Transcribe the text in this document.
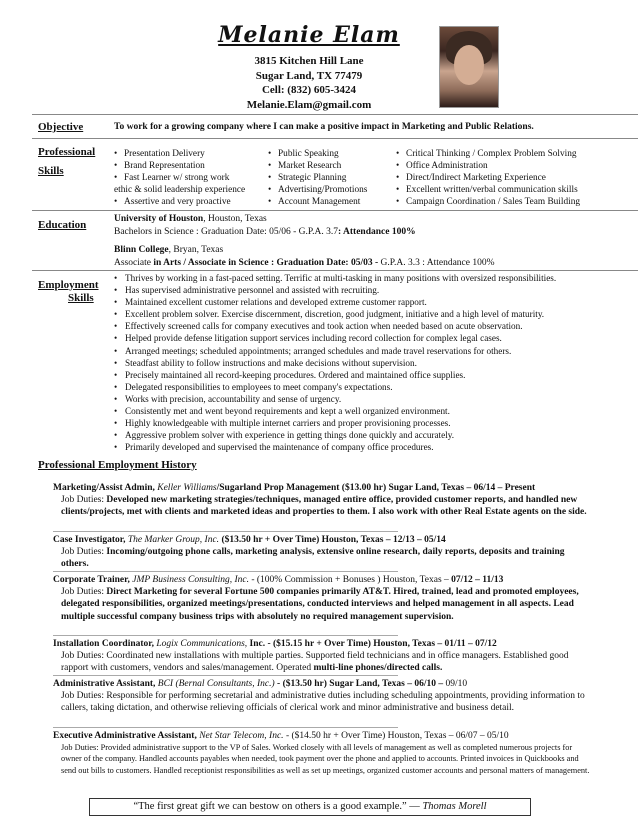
Melanie Elam
3815 Kitchen Hill Lane
Sugar Land, TX 77479
Cell: (832) 605-3424
Melanie.Elam@gmail.com
Objective	To work for a growing company where I can make a positive impact in Marketing and Public Relations.
Professional
Skills
• Presentation Delivery
• Brand Representation
• Fast Learner w/ strong work
ethic & solid leadership experience
• Assertive and very proactive
• Public Speaking
• Market Research
• Strategic Planning
• Advertising/Promotions
• Account Management
• Critical Thinking / Complex Problem Solving
• Office Administration
• Direct/Indirect Marketing Experience
• Excellent written/verbal communication skills
• Campaign Coordination / Sales Team Building
Education	University of Houston, Houston, Texas
Bachelors in Science : Graduation Date: 05/06 - G.P.A. 3.7: Attendance 100%
Blinn College, Bryan, Texas
Associate in Arts / Associate in Science : Graduation Date: 05/03 - G.P.A. 3.3 : Attendance 100%
Employment
Skills
• Thrives by working in a fast-paced setting. Terrific at multi-tasking in many positions with oversized responsibilities.
• Has supervised administrative personnel and assisted with recruiting.
• Maintained excellent customer relations and developed extreme customer rapport.
• Excellent problem solver. Exercise discernment, discretion, good judgment, initiative and a high level of maturity.
• Effectively screened calls for company executives and took action when needed based on acute observation.
• Helped provide defense litigation support services including record collection for complex legal cases.
• Arranged meetings; scheduled appointments; arranged schedules and made travel reservations for others.
• Steadfast ability to follow instructions and make decisions without supervision.
• Precisely maintained all record-keeping procedures. Ordered and maintained office supplies.
• Delegated responsibilities to employees to meet company's expectations.
• Works with precision, accountability and sense of urgency.
• Consistently met and went beyond requirements and kept a well organized environment.
• Highly knowledgeable with multiple internet carriers and proper provisioning processes.
• Aggressive problem solver with experience in getting things done quickly and accurately.
• Primarily developed and supervised the maintenance of company office procedures.
Professional Employment History
Marketing/Assist Admin, Keller Williams/Sugarland Prop Management ($13.00 hr) Sugar Land, Texas – 06/14 – Present
Job Duties: Developed new marketing strategies/techniques, managed entire office, provided customer reports, and handled new clients/projects, met with clients and marketed ideas and properties to them. I also work with other Real Estate agents on the side.
Case Investigator, The Marker Group, Inc. ($13.50 hr + Over Time) Houston, Texas – 12/13 – 05/14
Job Duties: Incoming/outgoing phone calls, marketing analysis, extensive online research, daily reports, deposits and training others.
Corporate Trainer, JMP Business Consulting, Inc. - (100% Commission + Bonuses ) Houston, Texas – 07/12 – 11/13
Job Duties: Direct Marketing for several Fortune 500 companies primarily AT&T. Hired, trained, lead and promoted employees, delegated responsibilities, organized meetings/presentations, conducted interviews and helped management in all aspects. Lead multiple successful company business trips with absolutely no required management supervision.
Installation Coordinator, Logix Communications, Inc. - ($15.15 hr + Over Time) Houston, Texas – 01/11 – 07/12
Job Duties: Coordinated new installations with multiple parties. Supported field technicians and in office managers. Established good rapport with customers, vendors and sales/management. Operated multi-line phones/directed calls.
Administrative Assistant, BCI (Bernal Consultants, Inc.) - ($13.50 hr) Sugar Land, Texas – 06/10 – 09/10
Job Duties: Responsible for performing secretarial and administrative duties including scheduling appointments, providing information to callers, taking dictation, and otherwise relieving officials of clerical work and minor administrative and business detail.
Executive Administrative Assistant, Net Star Telecom, Inc. - ($14.50 hr + Over Time) Houston, Texas – 06/07 – 05/10
Job Duties: Provided administrative support to the VP of Sales. Worked closely with all levels of management as well as completed numerous projects for owner of the company. Handled accounts payables when needed, took payment over the phone and applied to accounts. Printed invoices in Quickbooks and send out bills to customers. Handled receptionist responsibilities as well as set up meetings, organized customer accounts and personal matters of management.
“The first great gift we can bestow on others is a good example.” — Thomas Morell
